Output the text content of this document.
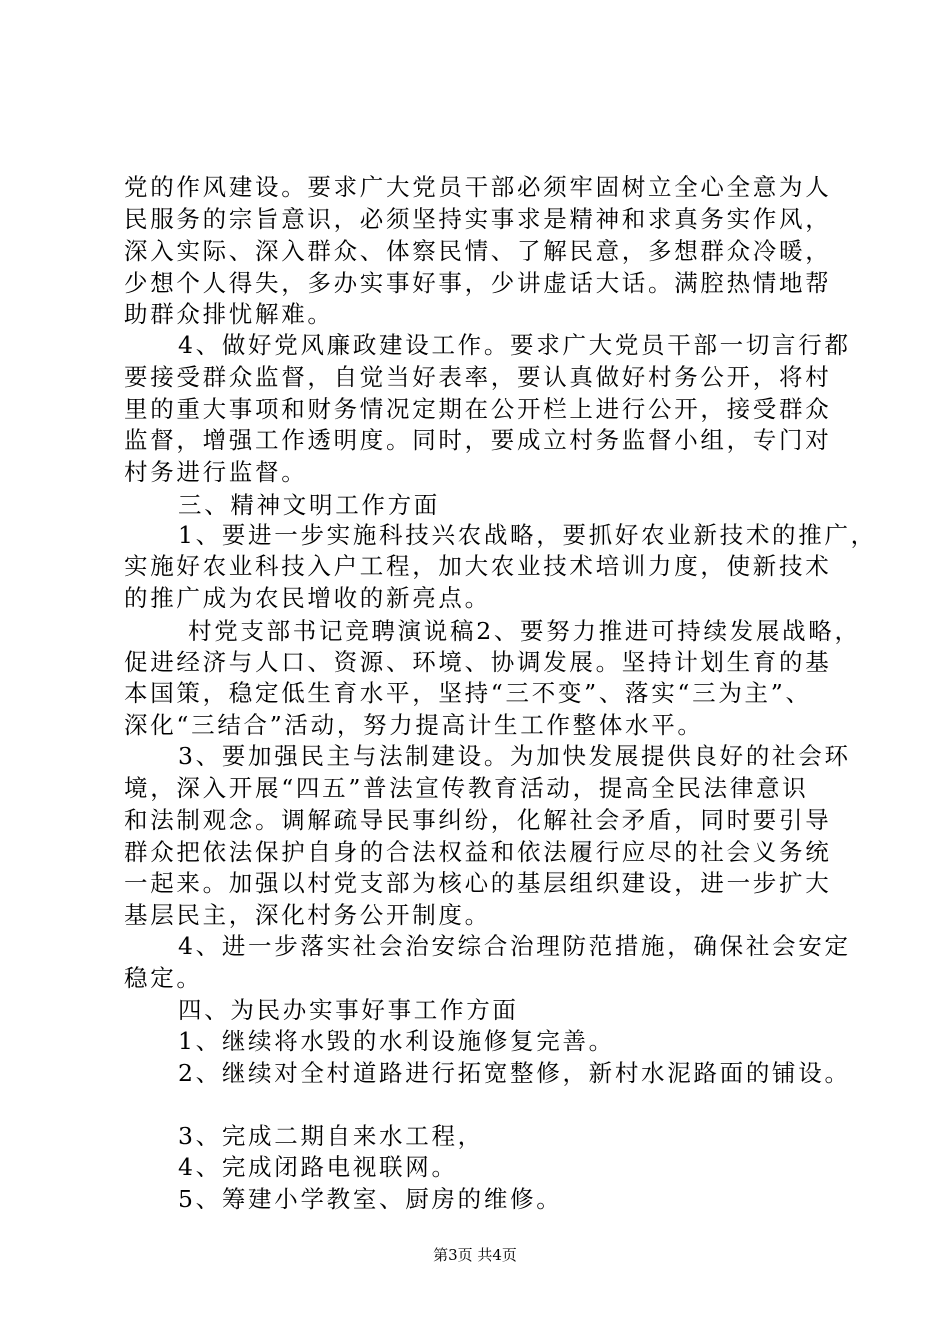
党的作风建设。要求广大党员干部必须牢固树立全心全意为人

民服务的宗旨意识，必须坚持实事求是精神和求真务实作风，

深入实际、深入群众、体察民情、了解民意，多想群众冷暖，

少想个人得失，多办实事好事，少讲虚话大话。满腔热情地帮

助群众排忧解难。

4、做好党风廉政建设工作。要求广大党员干部一切言行都

要接受群众监督，自觉当好表率，要认真做好村务公开，将村

里的重大事项和财务情况定期在公开栏上进行公开，接受群众

监督，增强工作透明度。同时，要成立村务监督小组，专门对

村务进行监督。

三、精神文明工作方面

1、要进一步实施科技兴农战略，要抓好农业新技术的推广，

实施好农业科技入户工程，加大农业技术培训力度，使新技术

的推广成为农民增收的新亮点。

村党支部书记竞聘演说稿2、要努力推进可持续发展战略，

促进经济与人口、资源、环境、协调发展。坚持计划生育的基

本国策，稳定低生育水平，坚持“三不变”、落实“三为主”、

深化“三结合”活动，努力提高计生工作整体水平。

3、要加强民主与法制建设。为加快发展提供良好的社会环

境，深入开展“四五”普法宣传教育活动，提高全民法律意识

和法制观念。调解疏导民事纠纷，化解社会矛盾，同时要引导

群众把依法保护自身的合法权益和依法履行应尽的社会义务统

一起来。加强以村党支部为核心的基层组织建设，进一步扩大

基层民主，深化村务公开制度。

4、进一步落实社会治安综合治理防范措施，确保社会安定

稳定。

四、为民办实事好事工作方面

1、继续将水毁的水利设施修复完善。

2、继续对全村道路进行拓宽整修，新村水泥路面的铺设。

3、完成二期自来水工程，

4、完成闭路电视联网。

5、筹建小学教室、厨房的维修。

第3页 共4页
